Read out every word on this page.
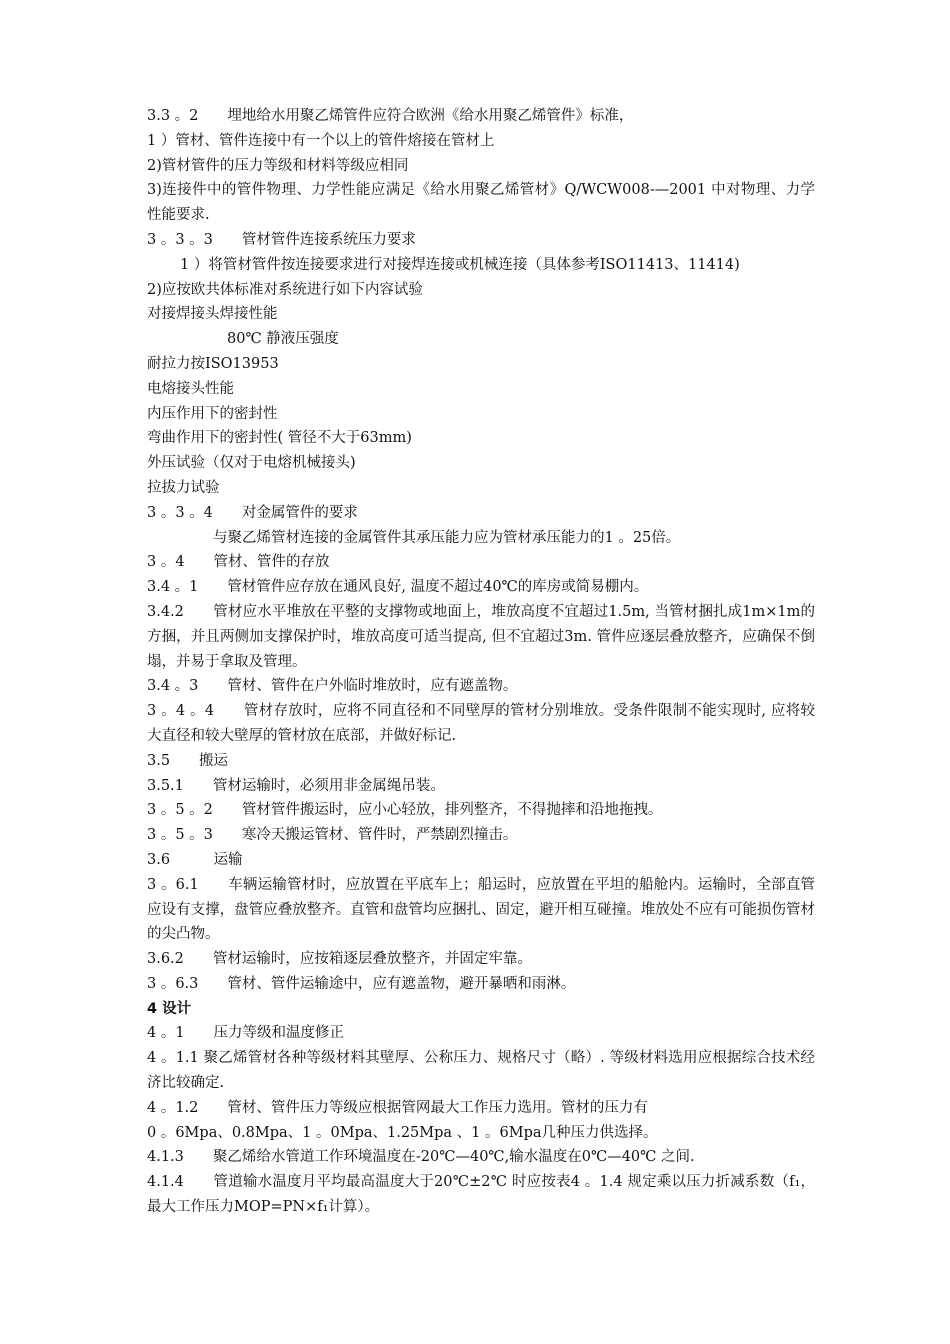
3.3 。2　　埋地给水用聚乙烯管件应符合欧洲《给水用聚乙烯管件》标准，
1 ）管材、管件连接中有一个以上的管件熔接在管材上
2)管材管件的压力等级和材料等级应相同
3)连接件中的管件物理、力学性能应满足《给水用聚乙烯管材》Q/WCW008-—2001 中对物理、力学性能要求.
3 。3 。3　　管材管件连接系统压力要求
1 ）将管材管件按连接要求进行对接焊连接或机械连接（具体参考ISO11413、11414)
2)应按欧共体标准对系统进行如下内容试验
对接焊接头焊接性能
80℃ 静液压强度
耐拉力按ISO13953
电熔接头性能
内压作用下的密封性
弯曲作用下的密封性( 管径不大于63mm)
外压试验（仅对于电熔机械接头)
拉拔力试验
3 。3 。4　　对金属管件的要求
与聚乙烯管材连接的金属管件其承压能力应为管材承压能力的1 。25倍。
3 。4　　管材、管件的存放
3.4 。1　　管材管件应存放在通风良好, 温度不超过40℃的库房或简易棚内。
3.4.2　　管材应水平堆放在平整的支撑物或地面上，堆放高度不宜超过1.5m, 当管材捆扎成1m×1m的方捆，并且两侧加支撑保护时，堆放高度可适当提高, 但不宜超过3m. 管件应逐层叠放整齐，应确保不倒塌，并易于拿取及管理。
3.4 。3　　管材、管件在户外临时堆放时，应有遮盖物。
3 。4 。4　　管材存放时，应将不同直径和不同壁厚的管材分别堆放。受条件限制不能实现时, 应将较大直径和较大壁厚的管材放在底部，并做好标记.
3.5　　搬运
3.5.1　　管材运输时，必须用非金属绳吊装。
3 。5 。2　　管材管件搬运时，应小心轻放，排列整齐，不得抛摔和沿地拖拽。
3 。5 。3　　寒冷天搬运管材、管件时，严禁剧烈撞击。
3.6　　　运输
3 。6.1　　车辆运输管材时，应放置在平底车上；船运时，应放置在平坦的船舱内。运输时，全部直管应设有支撑，盘管应叠放整齐。直管和盘管均应捆扎、固定，避开相互碰撞。堆放处不应有可能损伤管材的尖凸物。
3.6.2　　管材运输时，应按箱逐层叠放整齐，并固定牢靠。
3 。6.3　　管材、管件运输途中，应有遮盖物，避开暴晒和雨淋。
4 设计
4 。1　　压力等级和温度修正
4 。1.1 聚乙烯管材各种等级材料其壁厚、公称压力、规格尺寸（略）. 等级材料选用应根据综合技术经济比较确定.
4 。1.2　　管材、管件压力等级应根据管网最大工作压力选用。管材的压力有
0 。6Mpa、0.8Mpa、1 。0Mpa、1.25Mpa 、1 。6Mpa几种压力供选择。
4.1.3　　聚乙烯给水管道工作环境温度在-20℃—40℃,输水温度在0℃—40℃ 之间.
4.1.4　　管道输水温度月平均最高温度大于20℃±2℃ 时应按表4 。1.4 规定乘以压力折减系数（f₁，最大工作压力MOP=PN×f₁计算）。
